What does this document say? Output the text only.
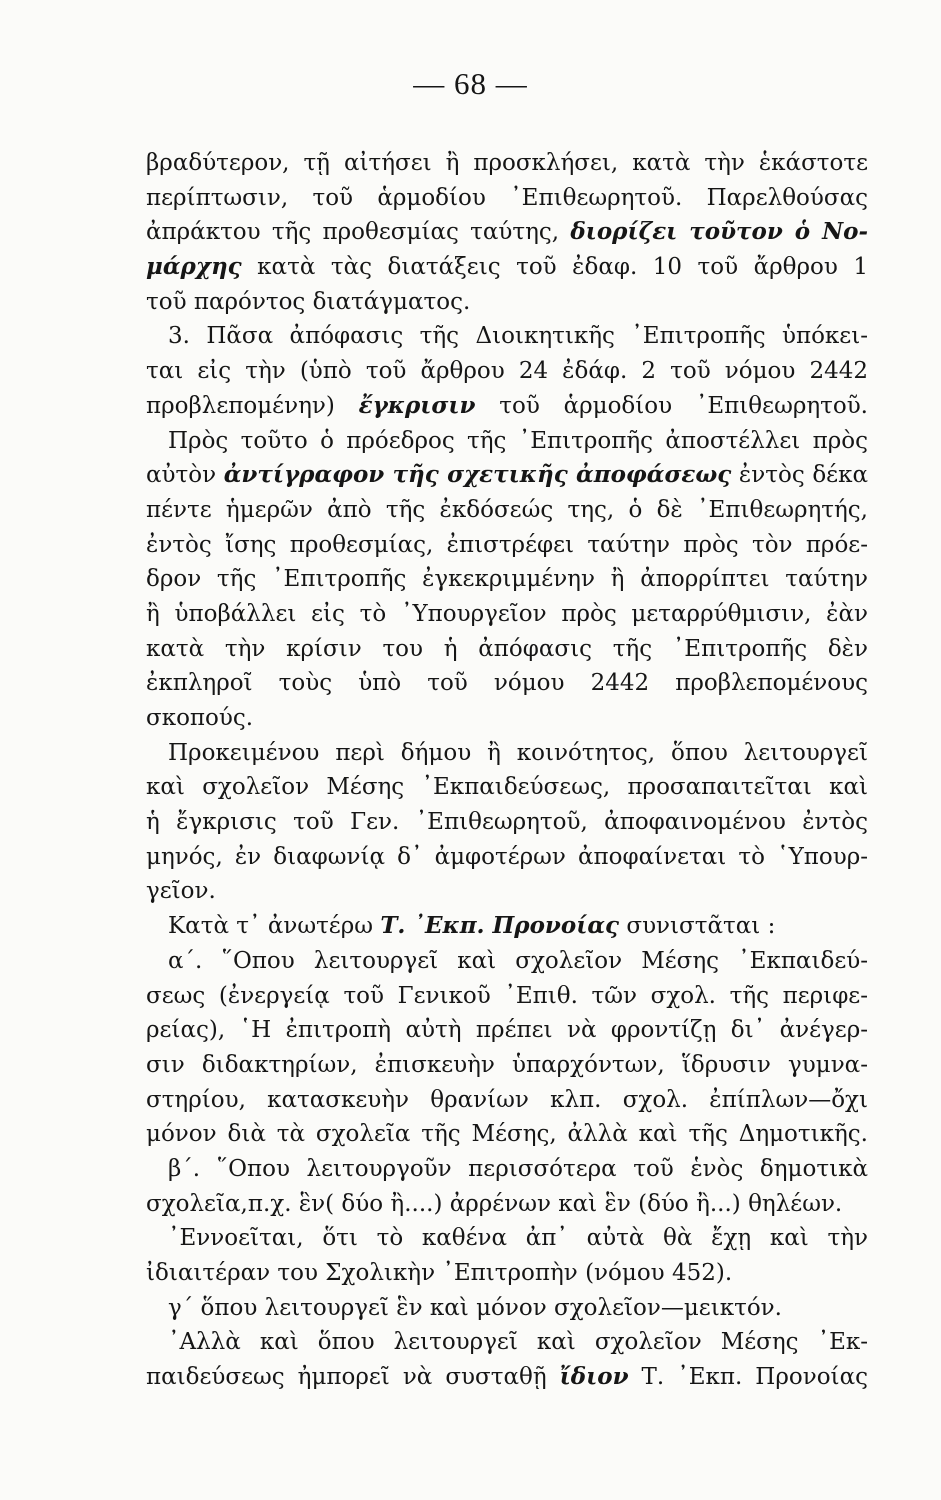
— 68 —
βραδύτερον, τῇ αἰτήσει ἢ προσκλήσει, κατὰ τὴν ἑκάστοτε
περίπτωσιν, τοῦ ἁρμοδίου ᾿Επιθεωρητοῦ. Παρελθούσας
ἀπράκτου τῆς προθεσμίας ταύτης, διορίζει τοῦτον ὁ Νο-
μάρχης κατὰ τὰς διατάξεις τοῦ ἐδαφ. 10 τοῦ ἄρθρου 1
τοῦ παρόντος διατάγματος.
3. Πᾶσα ἀπόφασις τῆς Διοικητικῆς ᾿Επιτροπῆς ὑπόκει-
ται εἰς τὴν (ὑπὸ τοῦ ἄρθρου 24 ἐδάφ. 2 τοῦ νόμου 2442
προβλεπομένην) ἔγκρισιν τοῦ ἁρμοδίου ᾿Επιθεωρητοῦ.
Πρὸς τοῦτο ὁ πρόεδρος τῆς ᾿Επιτροπῆς ἀποστέλλει πρὸς
αὐτὸν ἀντίγραφον τῆς σχετικῆς ἀποφάσεως ἐντὸς δέκα
πέντε ἡμερῶν ἀπὸ τῆς ἐκδόσεώς της, ὁ δὲ ᾿Επιθεωρητής,
ἐντὸς ἴσης προθεσμίας, ἐπιστρέφει ταύτην πρὸς τὸν πρόε-
δρον τῆς ᾿Επιτροπῆς ἐγκεκριμμένην ἢ ἀπορρίπτει ταύτην
ἢ ὑποβάλλει εἰς τὸ ᾿Υπουργεῖον πρὸς μεταρρύθμισιν, ἐὰν
κατὰ τὴν κρίσιν του ἡ ἀπόφασις τῆς ᾿Επιτροπῆς δὲν
ἐκπληροῖ τοὺς ὑπὸ τοῦ νόμου 2442 προβλεπομένους
σκοπούς.
Προκειμένου περὶ δήμου ἢ κοινότητος, ὅπου λειτουργεῖ
καὶ σχολεῖον Μέσης ᾿Εκπαιδεύσεως, προσαπαιτεῖται καὶ
ἡ ἔγκρισις τοῦ Γεν. ᾿Επιθεωρητοῦ, ἀποφαινομένου ἐντὸς
μηνός, ἐν διαφωνίᾳ δ᾿ ἀμφοτέρων ἀποφαίνεται τὸ ῾Υπουρ-
γεῖον.
Κατὰ τ᾿ ἀνωτέρω Τ. ᾿Εκπ. Προνοίας συνιστᾶται :
α΄. ῞Οπου λειτουργεῖ καὶ σχολεῖον Μέσης ᾿Εκπαιδεύ-
σεως (ἐνεργείᾳ τοῦ Γενικοῦ ᾿Επιθ. τῶν σχολ. τῆς περιφε-
ρείας), ῾Η ἐπιτροπὴ αὐτὴ πρέπει νὰ φροντίζῃ δι᾿ ἀνέγερ-
σιν διδακτηρίων, ἐπισκευὴν ὑπαρχόντων, ἵδρυσιν γυμνα-
στηρίου, κατασκευὴν θρανίων κλπ. σχολ. ἐπίπλων—ὄχι
μόνον διὰ τὰ σχολεῖα τῆς Μέσης, ἀλλὰ καὶ τῆς Δημοτικῆς.
β΄. ῞Οπου λειτουργοῦν περισσότερα τοῦ ἑνὸς δημοτικὰ
σχολεῖα,π.χ. ἓν( δύο ἢ....) ἀρρένων καὶ ἓν (δύο ἢ...) θηλέων.
᾿Εννοεῖται, ὅτι τὸ καθένα ἀπ᾿ αὐτὰ θὰ ἔχῃ καὶ τὴν
ἰδιαιτέραν του Σχολικὴν ᾿Επιτροπὴν (νόμου 452).
γ΄ ὅπου λειτουργεῖ ἓν καὶ μόνον σχολεῖον—μεικτόν.
᾿Αλλὰ καὶ ὅπου λειτουργεῖ καὶ σχολεῖον Μέσης ᾿Εκ-
παιδεύσεως ἠμπορεῖ νὰ συσταθῇ ἴδιον Τ. ᾿Εκπ. Προνοίας
